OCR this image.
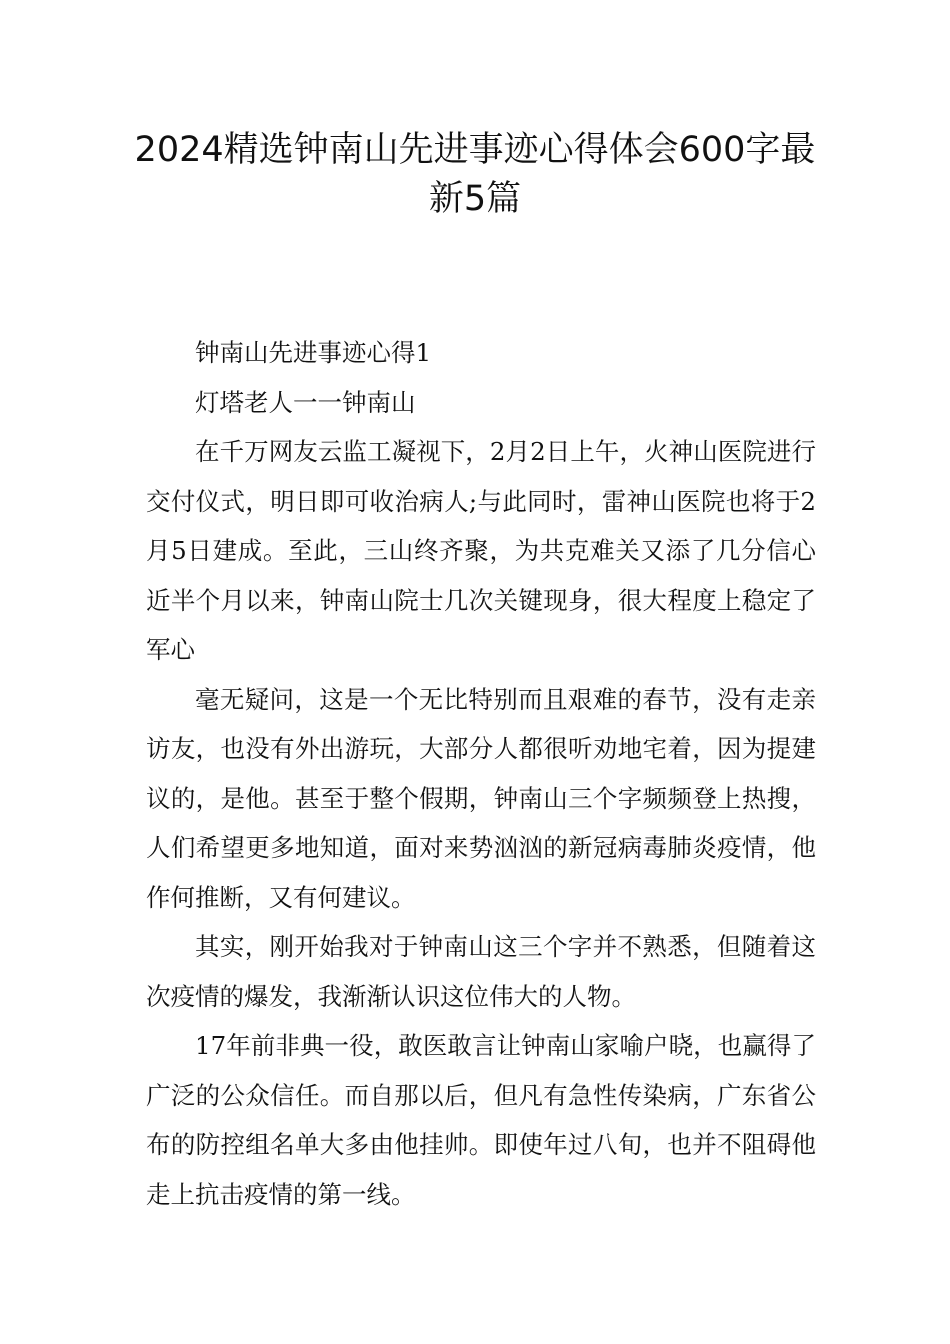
2024精选钟南山先进事迹心得体会600字最新5篇

钟南山先进事迹心得1

灯塔老人一一钟南山

在千万网友云监工凝视下，2月2日上午，火神山医院进行交付仪式，明日即可收治病人;与此同时，雷神山医院也将于2月5日建成。至此，三山终齐聚，为共克难关又添了几分信心近半个月以来，钟南山院士几次关键现身，很大程度上稳定了军心

毫无疑问，这是一个无比特别而且艰难的春节，没有走亲访友，也没有外出游玩，大部分人都很听劝地宅着，因为提建议的，是他。甚至于整个假期，钟南山三个字频频登上热搜，人们希望更多地知道，面对来势汹汹的新冠病毒肺炎疫情，他作何推断，又有何建议。

其实，刚开始我对于钟南山这三个字并不熟悉，但随着这次疫情的爆发，我渐渐认识这位伟大的人物。

17年前非典一役，敢医敢言让钟南山家喻户晓，也赢得了广泛的公众信任。而自那以后，但凡有急性传染病，广东省公布的防控组名单大多由他挂帅。即使年过八旬，也并不阻碍他走上抗击疫情的第一线。
